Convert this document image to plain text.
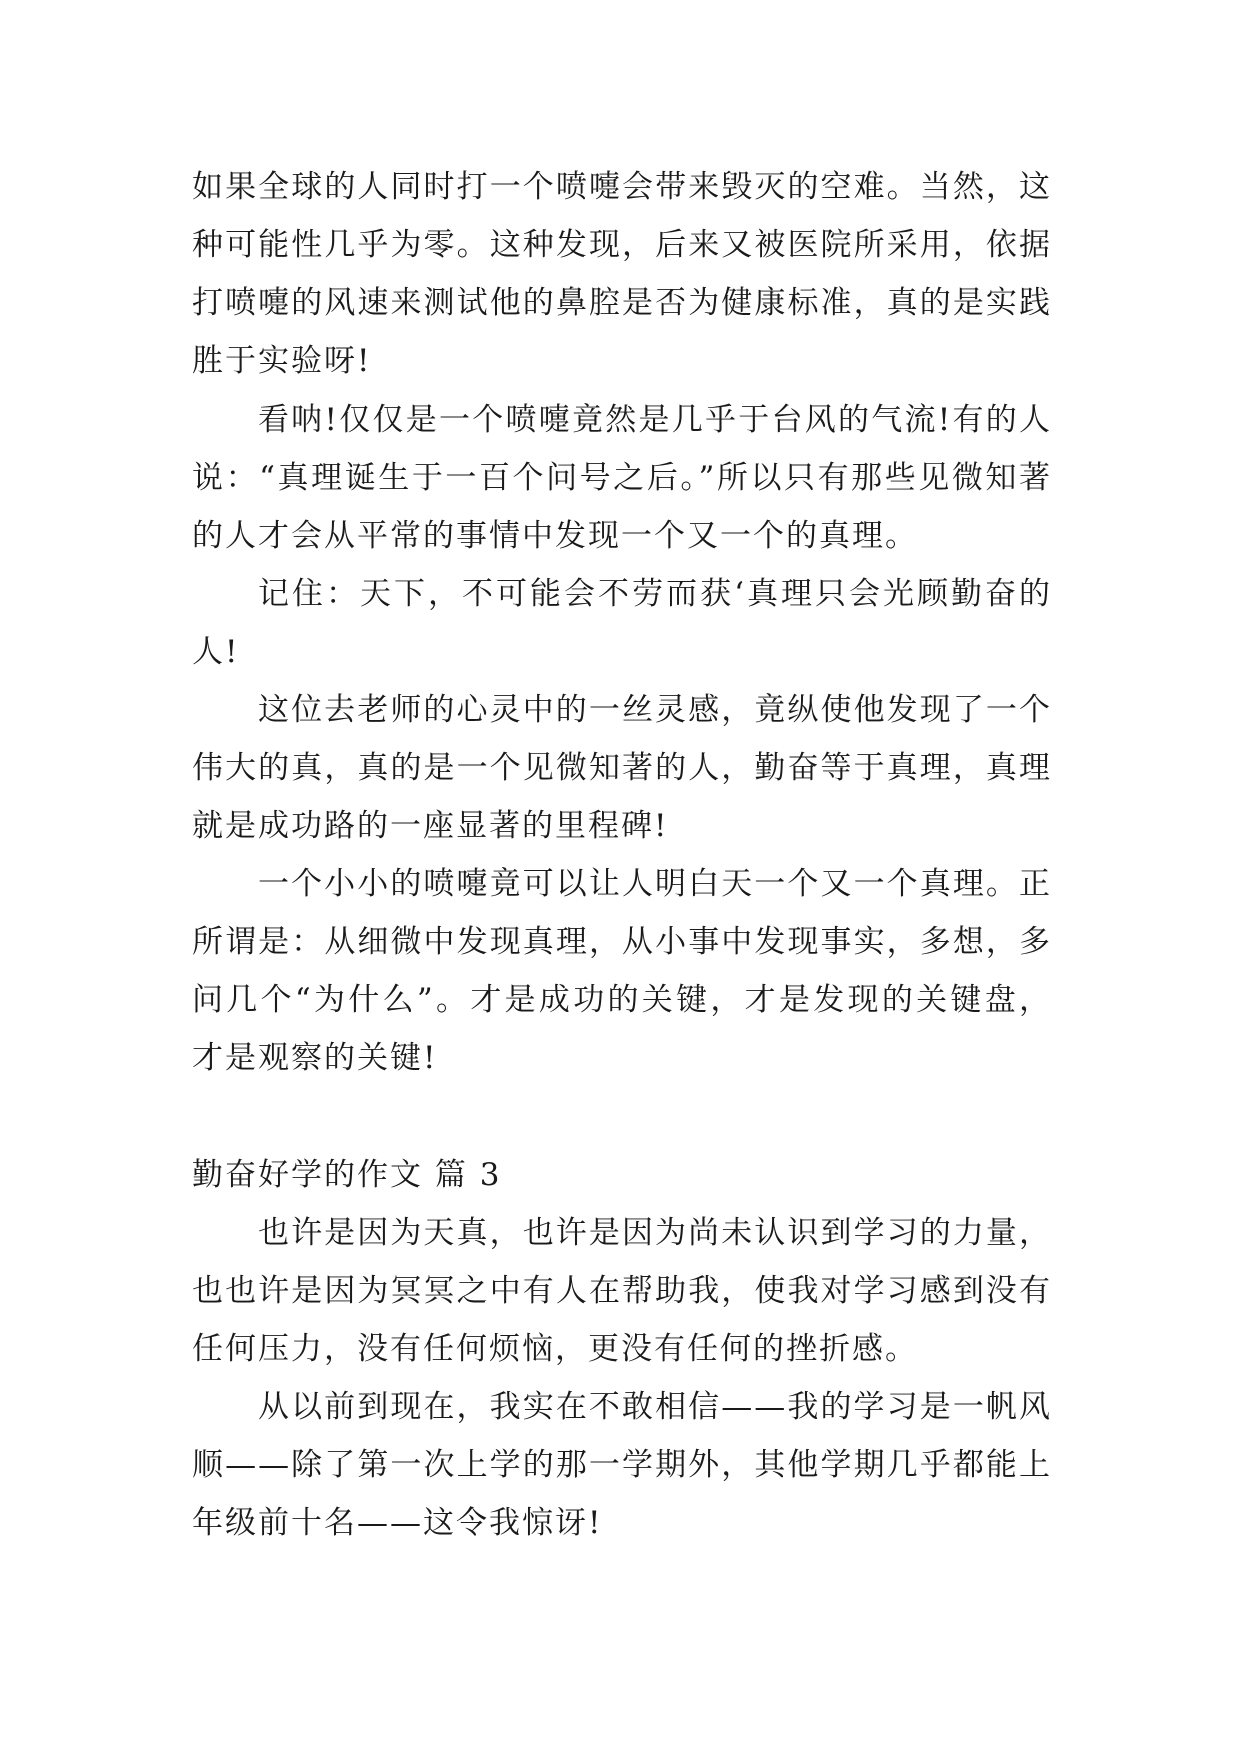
如果全球的人同时打一个喷嚏会带来毁灭的空难。当然，这种可能性几乎为零。这种发现，后来又被医院所采用，依据打喷嚏的风速来测试他的鼻腔是否为健康标准，真的是实践胜于实验呀!

看呐!仅仅是一个喷嚏竟然是几乎于台风的气流!有的人说：“真理诞生于一百个问号之后。”所以只有那些见微知著的人才会从平常的事情中发现一个又一个的真理。

记住：天下，不可能会不劳而获‘真理只会光顾勤奋的人!

这位去老师的心灵中的一丝灵感，竟纵使他发现了一个伟大的真，真的是一个见微知著的人，勤奋等于真理，真理就是成功路的一座显著的里程碑!

一个小小的喷嚏竟可以让人明白天一个又一个真理。正所谓是：从细微中发现真理，从小事中发现事实，多想，多问几个“为什么”。才是成功的关键，才是发现的关键盘，才是观察的关键!

勤奋好学的作文 篇 3

也许是因为天真，也许是因为尚未认识到学习的力量，也也许是因为冥冥之中有人在帮助我，使我对学习感到没有任何压力，没有任何烦恼，更没有任何的挫折感。

从以前到现在，我实在不敢相信——我的学习是一帆风顺——除了第一次上学的那一学期外，其他学期几乎都能上年级前十名——这令我惊讶!
